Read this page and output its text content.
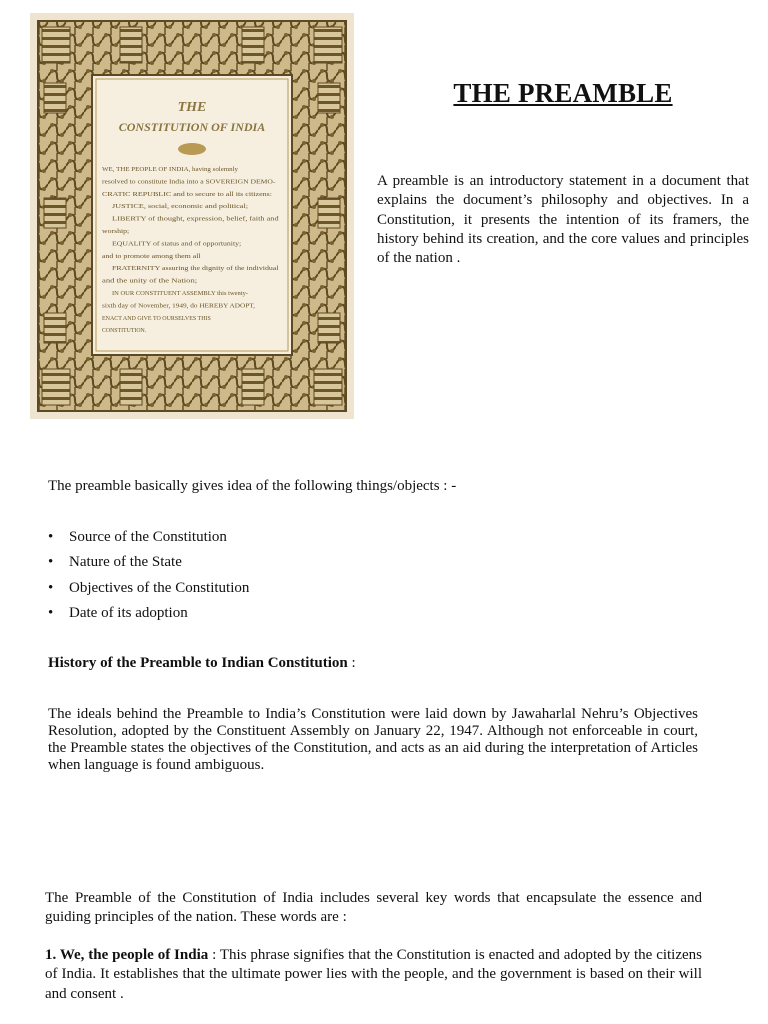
THE
CONSTITUTION OF INDIA
WE, THE PEOPLE OF INDIA, having solemnly
resolved to constitute India into a SOVEREIGN DEMO-
CRATIC REPUBLIC and to secure to all its citizens:
JUSTICE, social, economic and political;
LIBERTY of thought, expression, belief, faith and
worship;
EQUALITY of status and of opportunity;
and to promote among them all
FRATERNITY assuring the dignity of the individual
and the unity of the Nation;
IN OUR CONSTITUENT ASSEMBLY this twenty-
sixth day of November, 1949, do HEREBY ADOPT,
ENACT AND GIVE TO OURSELVES THIS
CONSTITUTION.
THE PREAMBLE
A preamble is an introductory statement in a document that explains the document’s philosophy and objectives. In a Constitution, it presents the intention of its framers, the history behind its creation, and the core values and principles of the nation .
The preamble basically gives idea of the following things/objects : -
• Source of the Constitution
• Nature of the State
• Objectives of the Constitution
• Date of its adoption
History of the Preamble to Indian Constitution :
The ideals behind the Preamble to India’s Constitution were laid down by Jawaharlal Nehru’s Objectives Resolution, adopted by the Constituent Assembly on January 22, 1947. Although not enforceable in court, the Preamble states the objectives of the Constitution, and acts as an aid during the interpretation of Articles when language is found ambiguous.
The Preamble of the Constitution of India includes several key words that encapsulate the essence and guiding principles of the nation. These words are :
1. We, the people of India : This phrase signifies that the Constitution is enacted and adopted by the citizens of India. It establishes that the ultimate power lies with the people, and the government is based on their will and consent .
